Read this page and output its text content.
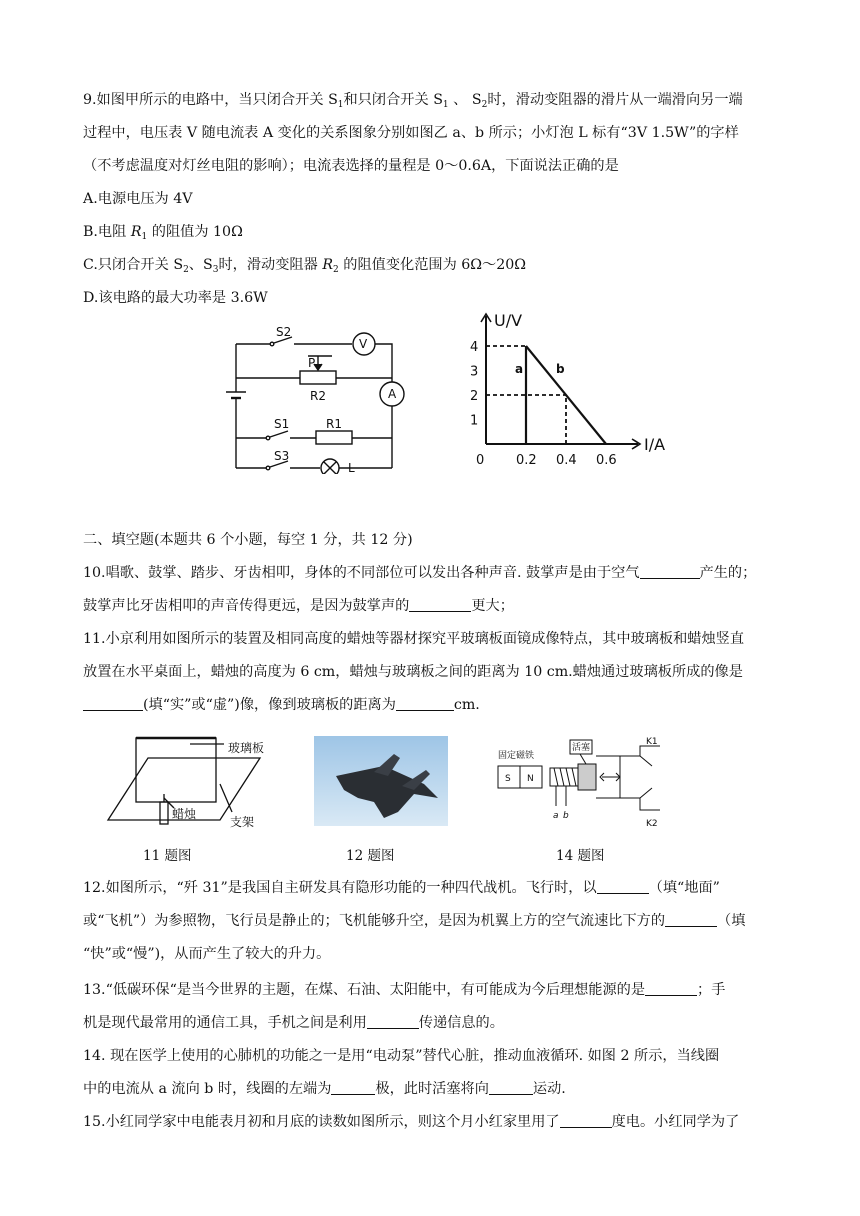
9.如图甲所示的电路中，当只闭合开关 $S_1$和只闭合开关 $S_1$ 、 $S_2$时，滑动变阻器的滑片从一端滑向另一端
过程中，电压表 V 随电流表 A 变化的关系图象分别如图乙 a、b 所示；小灯泡 L 标有“3V 1.5W”的字样
（不考虑温度对灯丝电阻的影响）；电流表选择的量程是 0～0.6A，下面说法正确的是
A.电源电压为 4V
B.电阻 $R_1$ 的阻值为 10Ω
C.只闭合开关 $S_2$、$S_3$时，滑动变阻器 $R_2$ 的阻值变化范围为 6Ω～20Ω
D.该电路的最大功率是 3.6W
S2
V
A
P
R2
S1	R1
S3
L
a	b
1
2
3
4
0 0.2 0.4 0.6
U/V
I/A
二、填空题(本题共 6 个小题，每空 1 分，共 12 分)
10.唱歌、鼓掌、踏步、牙齿相叩，身体的不同部位可以发出各种声音. 鼓掌声是由于空气	产生的；
鼓掌声比牙齿相叩的声音传得更远，是因为鼓掌声的	更大；
11.小京利用如图所示的装置及相同高度的蜡烛等器材探究平玻璃板面镜成像特点，其中玻璃板和蜡烛竖直
放置在水平桌面上，蜡烛的高度为 6 cm，蜡烛与玻璃板之间的距离为 10 cm.蜡烛通过玻璃板所成的像是
(填“实”或“虚”)像，像到玻璃板的距离为	cm.
玻璃板
蜡烛
支架
固定磁铁
S N
活塞
a b
K1
K2
11 题图	12 题图	14 题图
12.如图所示，“歼 31”是我国自主研发具有隐形功能的一种四代战机。飞行时，以	（填“地面”
或“飞机”）为参照物，飞行员是静止的；飞机能够升空，是因为机翼上方的空气流速比下方的	（填
“快”或“慢”)，从而产生了较大的升力。
13.“低碳环保“是当今世界的主题，在煤、石油、太阳能中，有可能成为今后理想能源的是	；手
机是现代最常用的通信工具，手机之间是利用	传递信息的。
14. 现在医学上使用的心肺机的功能之一是用“电动泵”替代心脏，推动血液循环. 如图 2 所示，当线圈
中的电流从 a 流向 b 时，线圈的左端为	极，此时活塞将向	运动.
15.小红同学家中电能表月初和月底的读数如图所示，则这个月小红家里用了	度电。小红同学为了
